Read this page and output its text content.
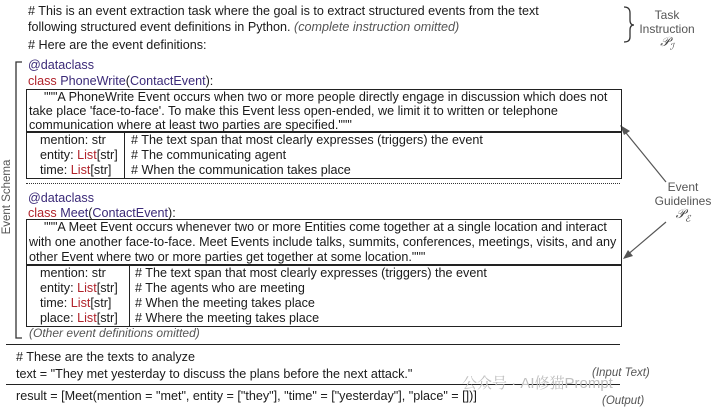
# This is an event extraction task where the goal is to extract structured events from the text
following structured event definitions in Python. (complete instruction omitted)
# Here are the event definitions:
Task
Instruction
𝒫$_ℐ$
Event
Guidelines
𝒫$_ℰ$
Event Schema
@dataclass
class PhoneWrite(ContactEvent):
"""A PhoneWrite Event occurs when two or more people directly engage in discussion which does not
take place 'face-to-face'. To make this Event less open-ended, we limit it to written or telephone
communication where at least two parties are specified."""
mention: str # The text span that most clearly expresses (triggers) the event
entity: List[str] # The communicating agent
time: List[str] # When the communication takes place
@dataclass
class Meet(ContactEvent):
"""A Meet Event occurs whenever two or more Entities come together at a single location and interact
with one another face-to-face. Meet Events include talks, summits, conferences, meetings, visits, and any
other Event where two or more parties get together at some location."""
mention: str # The text span that most clearly expresses (triggers) the event
entity: List[str] # The agents who are meeting
time: List[str] # When the meeting takes place
place: List[str] # Where the meeting takes place
(Other event definitions omitted)
# These are the texts to analyze
text = "They met yesterday to discuss the plans before the next attack."	(Input Text)
result = [Meet(mention = "met", entity = ["they"], "time" = ["yesterday"], "place" = [])]	(Output)
公众号 · AI修猫Prompt
